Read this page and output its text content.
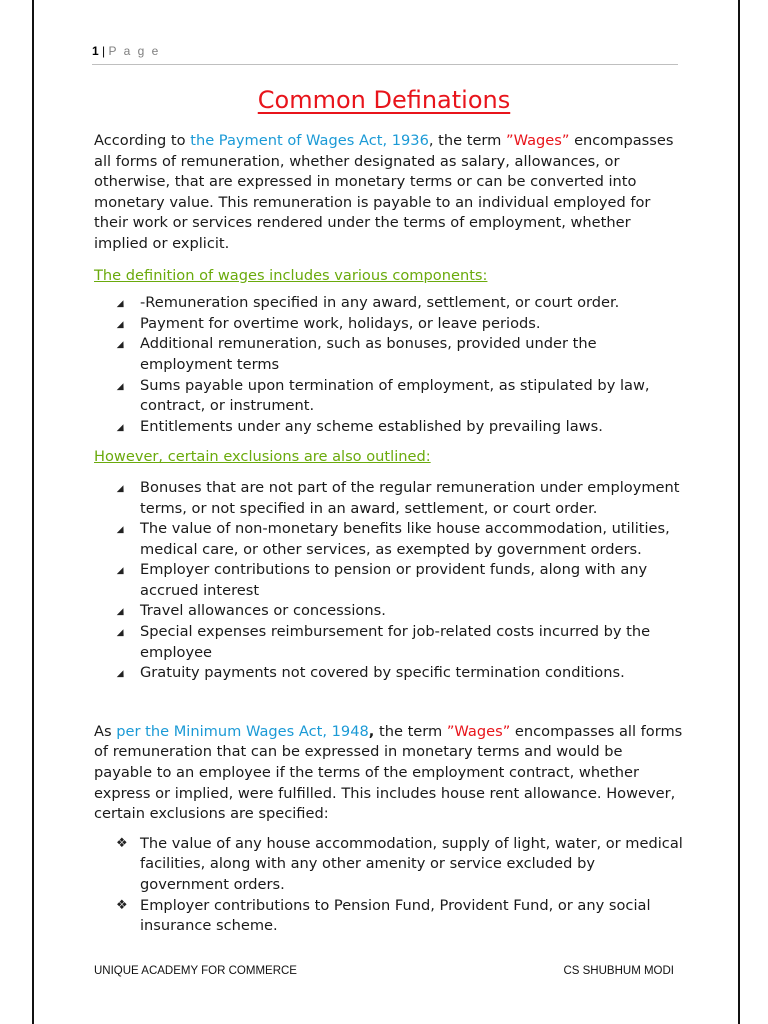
1 | P a g e
Common Definations

According to the Payment of Wages Act, 1936, the term ”Wages” encompasses all forms of remuneration, whether designated as salary, allowances, or otherwise, that are expressed in monetary terms or can be converted into monetary value. This remuneration is payable to an individual employed for their work or services rendered under the terms of employment, whether implied or explicit.

The definition of wages includes various components:

▲ -Remuneration specified in any award, settlement, or court order.
▲ Payment for overtime work, holidays, or leave periods.
▲ Additional remuneration, such as bonuses, provided under the employment terms
▲ Sums payable upon termination of employment, as stipulated by law, contract, or instrument.
▲ Entitlements under any scheme established by prevailing laws.

However, certain exclusions are also outlined:

▲ Bonuses that are not part of the regular remuneration under employment terms, or not specified in an award, settlement, or court order.
▲ The value of non-monetary benefits like house accommodation, utilities, medical care, or other services, as exempted by government orders.
▲ Employer contributions to pension or provident funds, along with any accrued interest
▲ Travel allowances or concessions.
▲ Special expenses reimbursement for job-related costs incurred by the employee
▲ Gratuity payments not covered by specific termination conditions.

As per the Minimum Wages Act, 1948, the term ”Wages” encompasses all forms of remuneration that can be expressed in monetary terms and would be payable to an employee if the terms of the employment contract, whether express or implied, were fulfilled. This includes house rent allowance. However, certain exclusions are specified:

❖ The value of any house accommodation, supply of light, water, or medical facilities, along with any other amenity or service excluded by government orders.
❖ Employer contributions to Pension Fund, Provident Fund, or any social insurance scheme.
UNIQUE ACADEMY FOR COMMERCE	CS SHUBHUM MODI
